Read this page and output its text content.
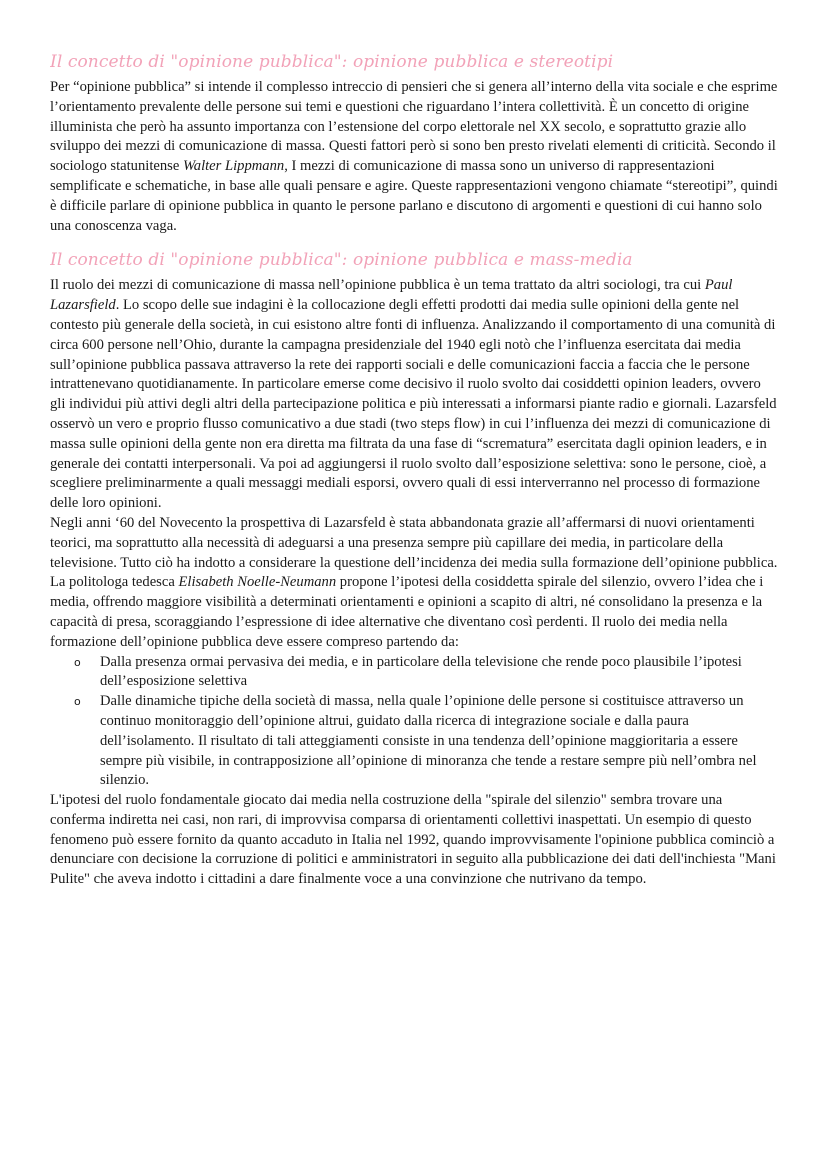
Il concetto di "opinione pubblica": opinione pubblica e stereotipi

Per “opinione pubblica” si intende il complesso intreccio di pensieri che si genera all’interno della vita sociale e che esprime l’orientamento prevalente delle persone sui temi e questioni che riguardano l’intera collettività. È un concetto di origine illuminista che però ha assunto importanza con l’estensione del corpo elettorale nel XX secolo, e soprattutto grazie allo sviluppo dei mezzi di comunicazione di massa. Questi fattori però si sono ben presto rivelati elementi di criticità. Secondo il sociologo statunitense Walter Lippmann, I mezzi di comunicazione di massa sono un universo di rappresentazioni semplificate e schematiche, in base alle quali pensare e agire. Queste rappresentazioni vengono chiamate “stereotipi”, quindi è difficile parlare di opinione pubblica in quanto le persone parlano e discutono di argomenti e questioni di cui hanno solo una conoscenza vaga.

Il concetto di "opinione pubblica": opinione pubblica e mass-media

Il ruolo dei mezzi di comunicazione di massa nell’opinione pubblica è un tema trattato da altri sociologi, tra cui Paul Lazarsfield. Lo scopo delle sue indagini è la collocazione degli effetti prodotti dai media sulle opinioni della gente nel contesto più generale della società, in cui esistono altre fonti di influenza. Analizzando il comportamento di una comunità di circa 600 persone nell’Ohio, durante la campagna presidenziale del 1940 egli notò che l’influenza esercitata dai media sull’opinione pubblica passava attraverso la rete dei rapporti sociali e delle comunicazioni faccia a faccia che le persone intrattenevano quotidianamente. In particolare emerse come decisivo il ruolo svolto dai cosiddetti opinion leaders, ovvero gli individui più attivi degli altri della partecipazione politica e più interessati a informarsi piante radio e giornali. Lazarsfeld osservò un vero e proprio flusso comunicativo a due stadi (two steps flow) in cui l’influenza dei mezzi di comunicazione di massa sulle opinioni della gente non era diretta ma filtrata da una fase di “scrematura” esercitata dagli opinion leaders, e in generale dei contatti interpersonali. Va poi ad aggiungersi il ruolo svolto dall’esposizione selettiva: sono le persone, cioè, a scegliere preliminarmente a quali messaggi mediali esporsi, ovvero quali di essi interverranno nel processo di formazione delle loro opinioni.

Negli anni ‘60 del Novecento la prospettiva di Lazarsfeld è stata abbandonata grazie all’affermarsi di nuovi orientamenti teorici, ma soprattutto alla necessità di adeguarsi a una presenza sempre più capillare dei media, in particolare della televisione. Tutto ciò ha indotto a considerare la questione dell’incidenza dei media sulla formazione dell’opinione pubblica. La politologa tedesca Elisabeth Noelle-Neumann propone l’ipotesi della cosiddetta spirale del silenzio, ovvero l’idea che i media, offrendo maggiore visibilità a determinati orientamenti e opinioni a scapito di altri, né consolidano la presenza e la capacità di presa, scoraggiando l’espressione di idee alternative che diventano così perdenti. Il ruolo dei media nella formazione dell’opinione pubblica deve essere compreso partendo da:

o Dalla presenza ormai pervasiva dei media, e in particolare della televisione che rende poco plausibile l’ipotesi dell’esposizione selettiva
o Dalle dinamiche tipiche della società di massa, nella quale l’opinione delle persone si costituisce attraverso un continuo monitoraggio dell’opinione altrui, guidato dalla ricerca di integrazione sociale e dalla paura dell’isolamento. Il risultato di tali atteggiamenti consiste in una tendenza dell’opinione maggioritaria a essere sempre più visibile, in contrapposizione all’opinione di minoranza che tende a restare sempre più nell’ombra nel silenzio.

L'ipotesi del ruolo fondamentale giocato dai media nella costruzione della "spirale del silenzio" sembra trovare una conferma indiretta nei casi, non rari, di improvvisa comparsa di orientamenti collettivi inaspettati. Un esempio di questo fenomeno può essere fornito da quanto accaduto in Italia nel 1992, quando improvvisamente l'opinione pubblica cominciò a denunciare con decisione la corruzione di politici e amministratori in seguito alla pubblicazione dei dati dell'inchiesta "Mani Pulite" che aveva indotto i cittadini a dare finalmente voce a una convinzione che nutrivano da tempo.
